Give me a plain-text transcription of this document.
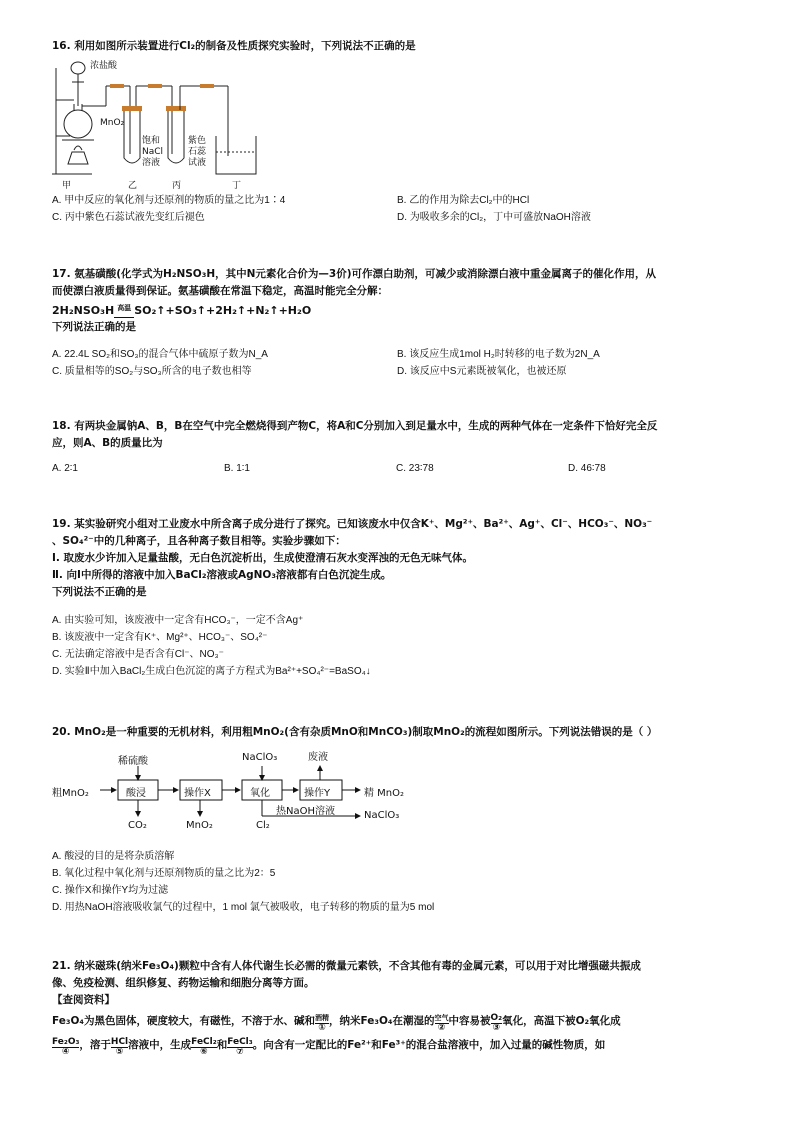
16. 利用如图所示装置进行Cl₂的制备及性质探究实验时，下列说法不正确的是
浓盐酸
MnO₂
饱和
NaCl
溶液
紫色
石蕊
试液
甲	乙	丙	丁
A. 甲中反应的氧化剂与还原剂的物质的量之比为1∶4	B. 乙的作用为除去Cl₂中的HCl
C. 丙中紫色石蕊试液先变红后褪色	D. 为吸收多余的Cl₂，丁中可盛放NaOH溶液
17. 氨基磺酸(化学式为H₂NSO₃H，其中N元素化合价为—3价)可作漂白助剂，可减少或消除漂白液中重金属离子的催化作用，从
而使漂白液质量得到保证。氨基磺酸在常温下稳定，高温时能完全分解：
2H₂NSO₃H 高温 SO₂↑+SO₃↑+2H₂↑+N₂↑+H₂O
下列说法正确的是
A. 22.4L SO₂和SO₃的混合气体中硫原子数为N_A	B. 该反应生成1mol H₂时转移的电子数为2N_A
C. 质量相等的SO₂与SO₃所含的电子数也相等	D. 该反应中S元素既被氧化，也被还原
18. 有两块金属钠A、B，B在空气中完全燃烧得到产物C，将A和C分别加入到足量水中，生成的两种气体在一定条件下恰好完全反
应，则A、B的质量比为
A. 2∶1	B. 1∶1	C. 23∶78	D. 46∶78
19. 某实验研究小组对工业废水中所含离子成分进行了探究。已知该废水中仅含K⁺、Mg²⁺、Ba²⁺、Ag⁺、Cl⁻、HCO₃⁻、NO₃⁻
、SO₄²⁻中的几种离子，且各种离子数目相等。实验步骤如下：
Ⅰ. 取废水少许加入足量盐酸，无白色沉淀析出，生成使澄清石灰水变浑浊的无色无味气体。
Ⅱ. 向Ⅰ中所得的溶液中加入BaCl₂溶液或AgNO₃溶液都有白色沉淀生成。
下列说法不正确的是
A. 由实验可知，该废液中一定含有HCO₃⁻，一定不含Ag⁺
B. 该废液中一定含有K⁺、Mg²⁺、HCO₃⁻、SO₄²⁻
C. 无法确定溶液中是否含有Cl⁻、NO₃⁻
D. 实验Ⅱ中加入BaCl₂生成白色沉淀的离子方程式为Ba²⁺+SO₄²⁻=BaSO₄↓
20. MnO₂是一种重要的无机材料，利用粗MnO₂(含有杂质MnO和MnCO₃)制取MnO₂的流程如图所示。下列说法错误的是（ ）
粗MnO₂
稀硫酸
酸浸
CO₂
操作X
MnO₂
NaClO₃
氧化
Cl₂
热NaOH溶液	NaClO₃
废液
操作Y	精 MnO₂
A. 酸浸的目的是将杂质溶解
B. 氧化过程中氧化剂与还原剂物质的量之比为2：5
C. 操作X和操作Y均为过滤
D. 用热NaOH溶液吸收氯气的过程中，1 mol 氯气被吸收，电子转移的物质的量为5 mol
21. 纳米磁珠(纳米Fe₃O₄)颗粒中含有人体代谢生长必需的微量元素铁，不含其他有毒的金属元素，可以用于对比增强磁共振成
像、免疫检测、组织修复、药物运输和细胞分离等方面。
【查阅资料】
Fe₃O₄为黑色固体，硬度较大，有磁性，不溶于水、碱和 酒精
①
，纳米Fe₃O₄在潮湿的 空气
②
中容易被 O₂
③
氧化，高温下被O₂氧化成
Fe₂O₃
④
，溶于 HCl
⑤
溶液中，生成 FeCl₂
⑥
和 FeCl₃
⑦
。向含有一定配比的Fe²⁺和Fe³⁺的混合盐溶液中，加入过量的碱性物质，如
